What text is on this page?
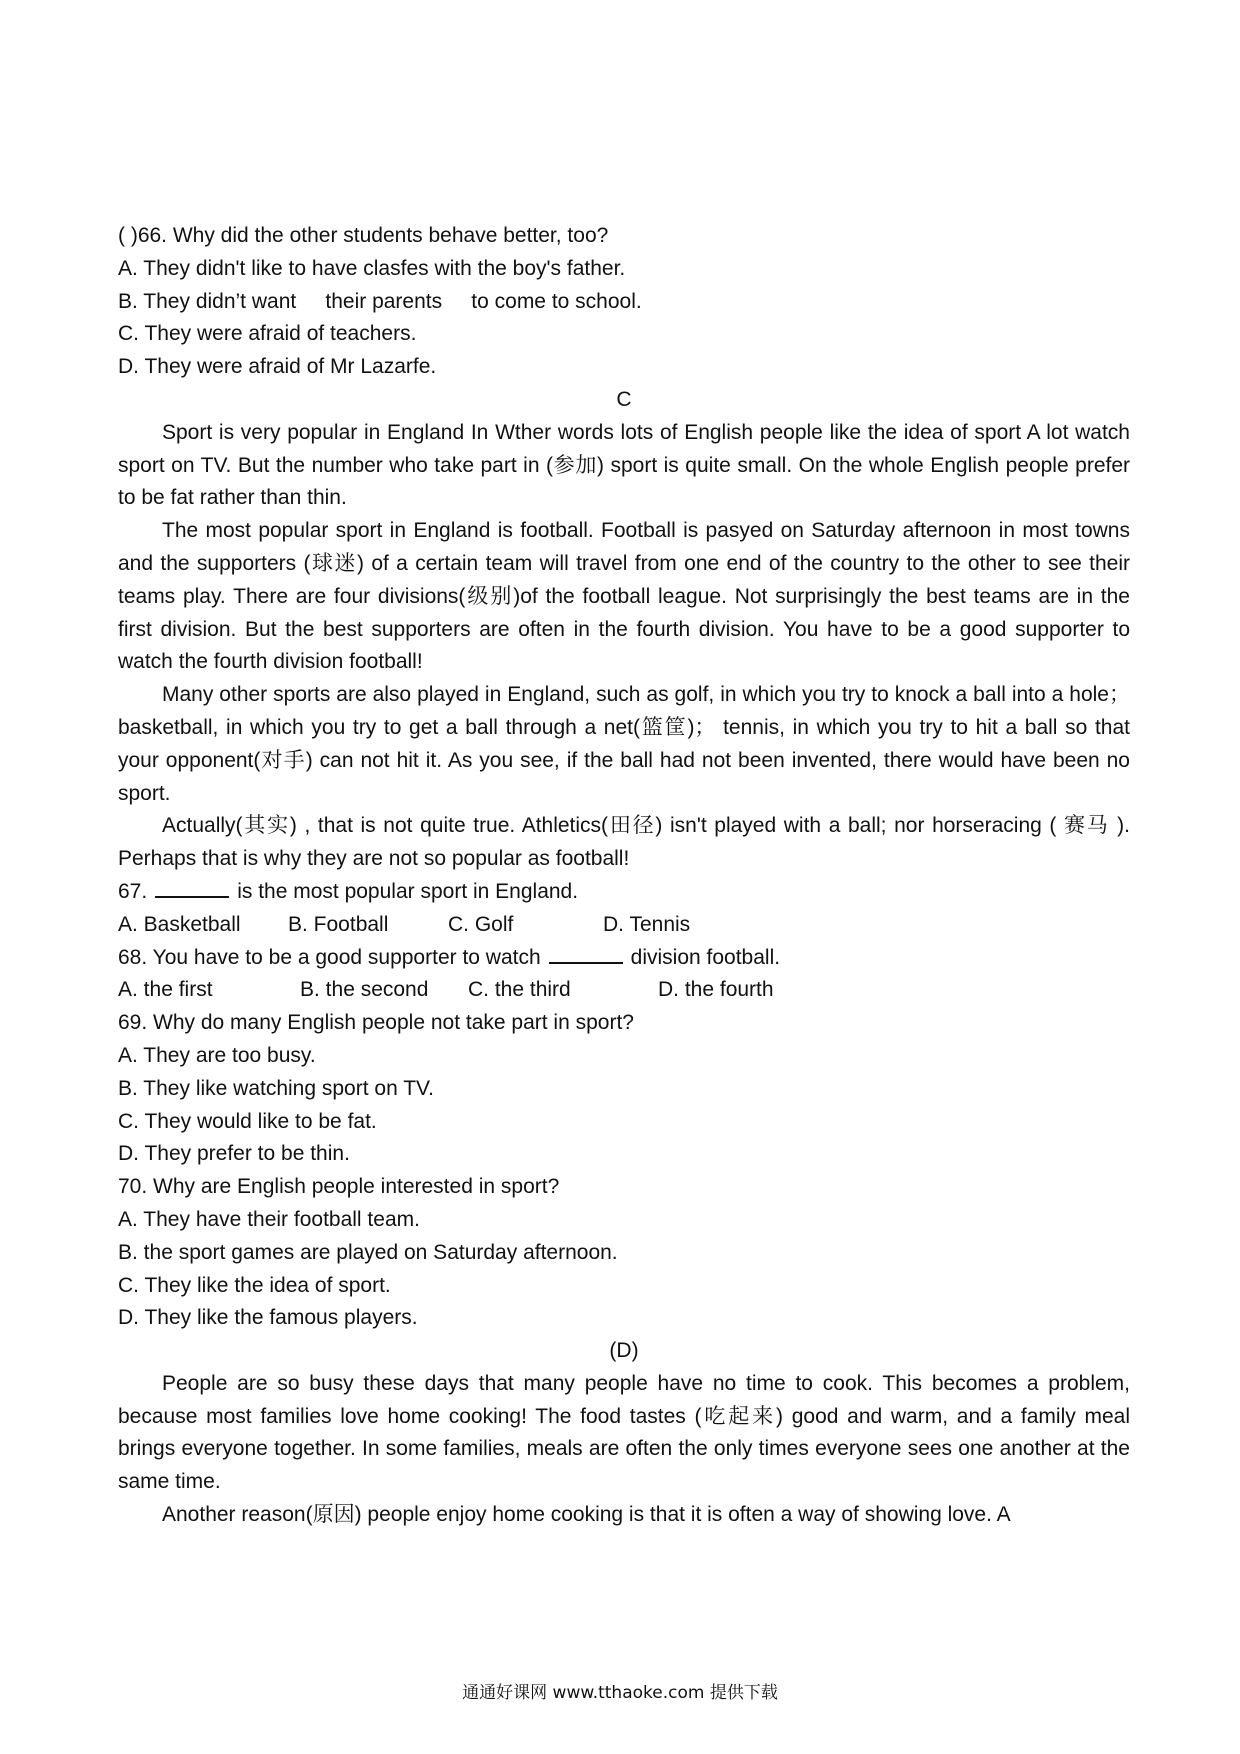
( )66. Why did the other students behave better, too?
A. They didn't like to have clasfes with the boy's father.
B. They didn’t want     their parents     to come to school.
C. They were afraid of teachers.
D. They were afraid of Mr Lazarfe.
C
Sport is very popular in England In Wther words lots of English people like the idea of sport A lot watch sport on TV. But the number who take part in (参加) sport is quite small. On the whole English people prefer to be fat rather than thin.
The most popular sport in England is football. Football is pasyed on Saturday afternoon in most towns and the supporters (球迷) of a certain team will travel from one end of the country to the other to see their teams play. There are four divisions(级别)of the football league. Not surprisingly the best teams are in the first division. But the best supporters are often in the fourth division. You have to be a good supporter to watch the fourth division football!
Many other sports are also played in England, such as golf, in which you try to knock a ball into a hole； basketball, in which you try to get a ball through a net(篮筐)； tennis, in which you try to hit a ball so that your opponent(对手) can not hit it. As you see, if the ball had not been invented, there would have been no sport.
Actually(其实) , that is not quite true. Athletics(田径) isn't played with a ball; nor horseracing ( 赛马 ). Perhaps that is why they are not so popular as football!
67.	is the most popular sport in England.
A. Basketball	B. Football	C. Golf	D. Tennis
68. You have to be a good supporter to watch	division football.
A. the first	B. the second	C. the third	D. the fourth
69. Why do many English people not take part in sport?
A. They are too busy.
B. They like watching sport on TV.
C. They would like to be fat.
D. They prefer to be thin.
70. Why are English people interested in sport?
A. They have their football team.
B. the sport games are played on Saturday afternoon.
C. They like the idea of sport.
D. They like the famous players.
(D)
People are so busy these days that many people have no time to cook. This becomes a problem, because most families love home cooking! The food tastes (吃起来) good and warm, and a family meal brings everyone together. In some families, meals are often the only times everyone sees one another at the same time.
Another reason(原因) people enjoy home cooking is that it is often a way of showing love. A
通通好课网 www.tthaoke.com 提供下载
